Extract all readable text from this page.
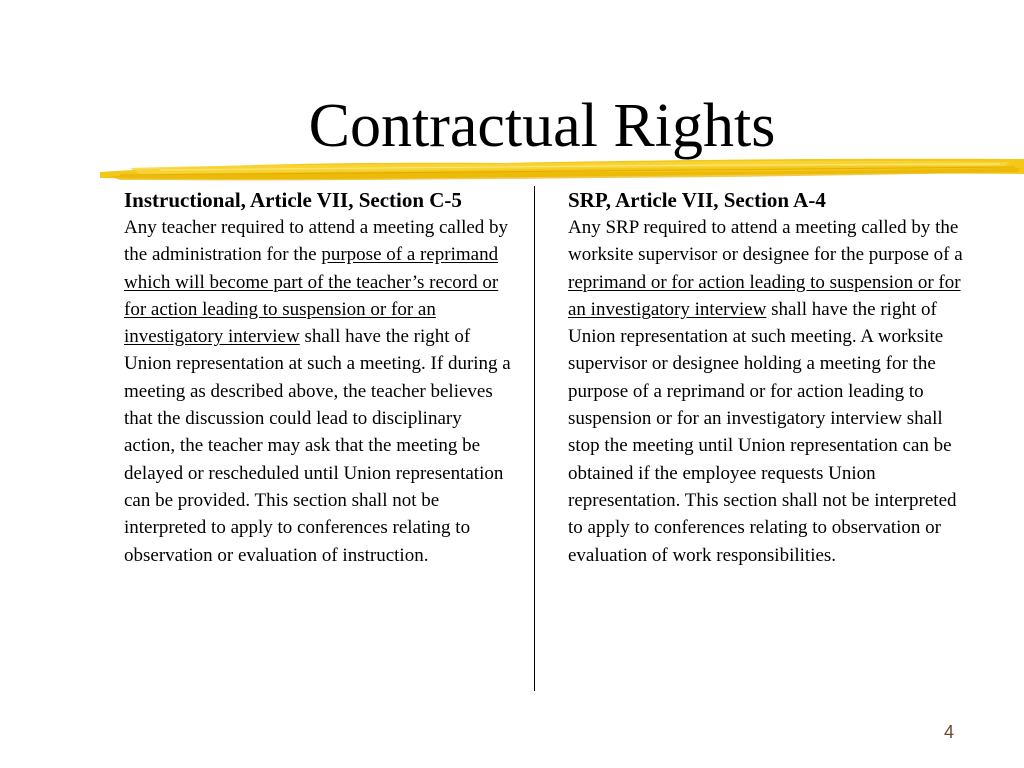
Contractual Rights

Instructional, Article VII, Section C-5

Any teacher required to attend a meeting called by the administration for the purpose of a reprimand which will become part of the teacher’s record or for action leading to suspension or for an investigatory interview shall have the right of Union representation at such a meeting. If during a meeting as described above, the teacher believes that the discussion could lead to disciplinary action, the teacher may ask that the meeting be delayed or rescheduled until Union representation can be provided. This section shall not be interpreted to apply to conferences relating to observation or evaluation of instruction.

SRP, Article VII, Section A-4

Any SRP required to attend a meeting called by the worksite supervisor or designee for the purpose of a reprimand or for action leading to suspension or for an investigatory interview shall have the right of Union representation at such meeting. A worksite supervisor or designee holding a meeting for the purpose of a reprimand or for action leading to suspension or for an investigatory interview shall stop the meeting until Union representation can be obtained if the employee requests Union representation. This section shall not be interpreted to apply to conferences relating to observation or evaluation of work responsibilities.

4
